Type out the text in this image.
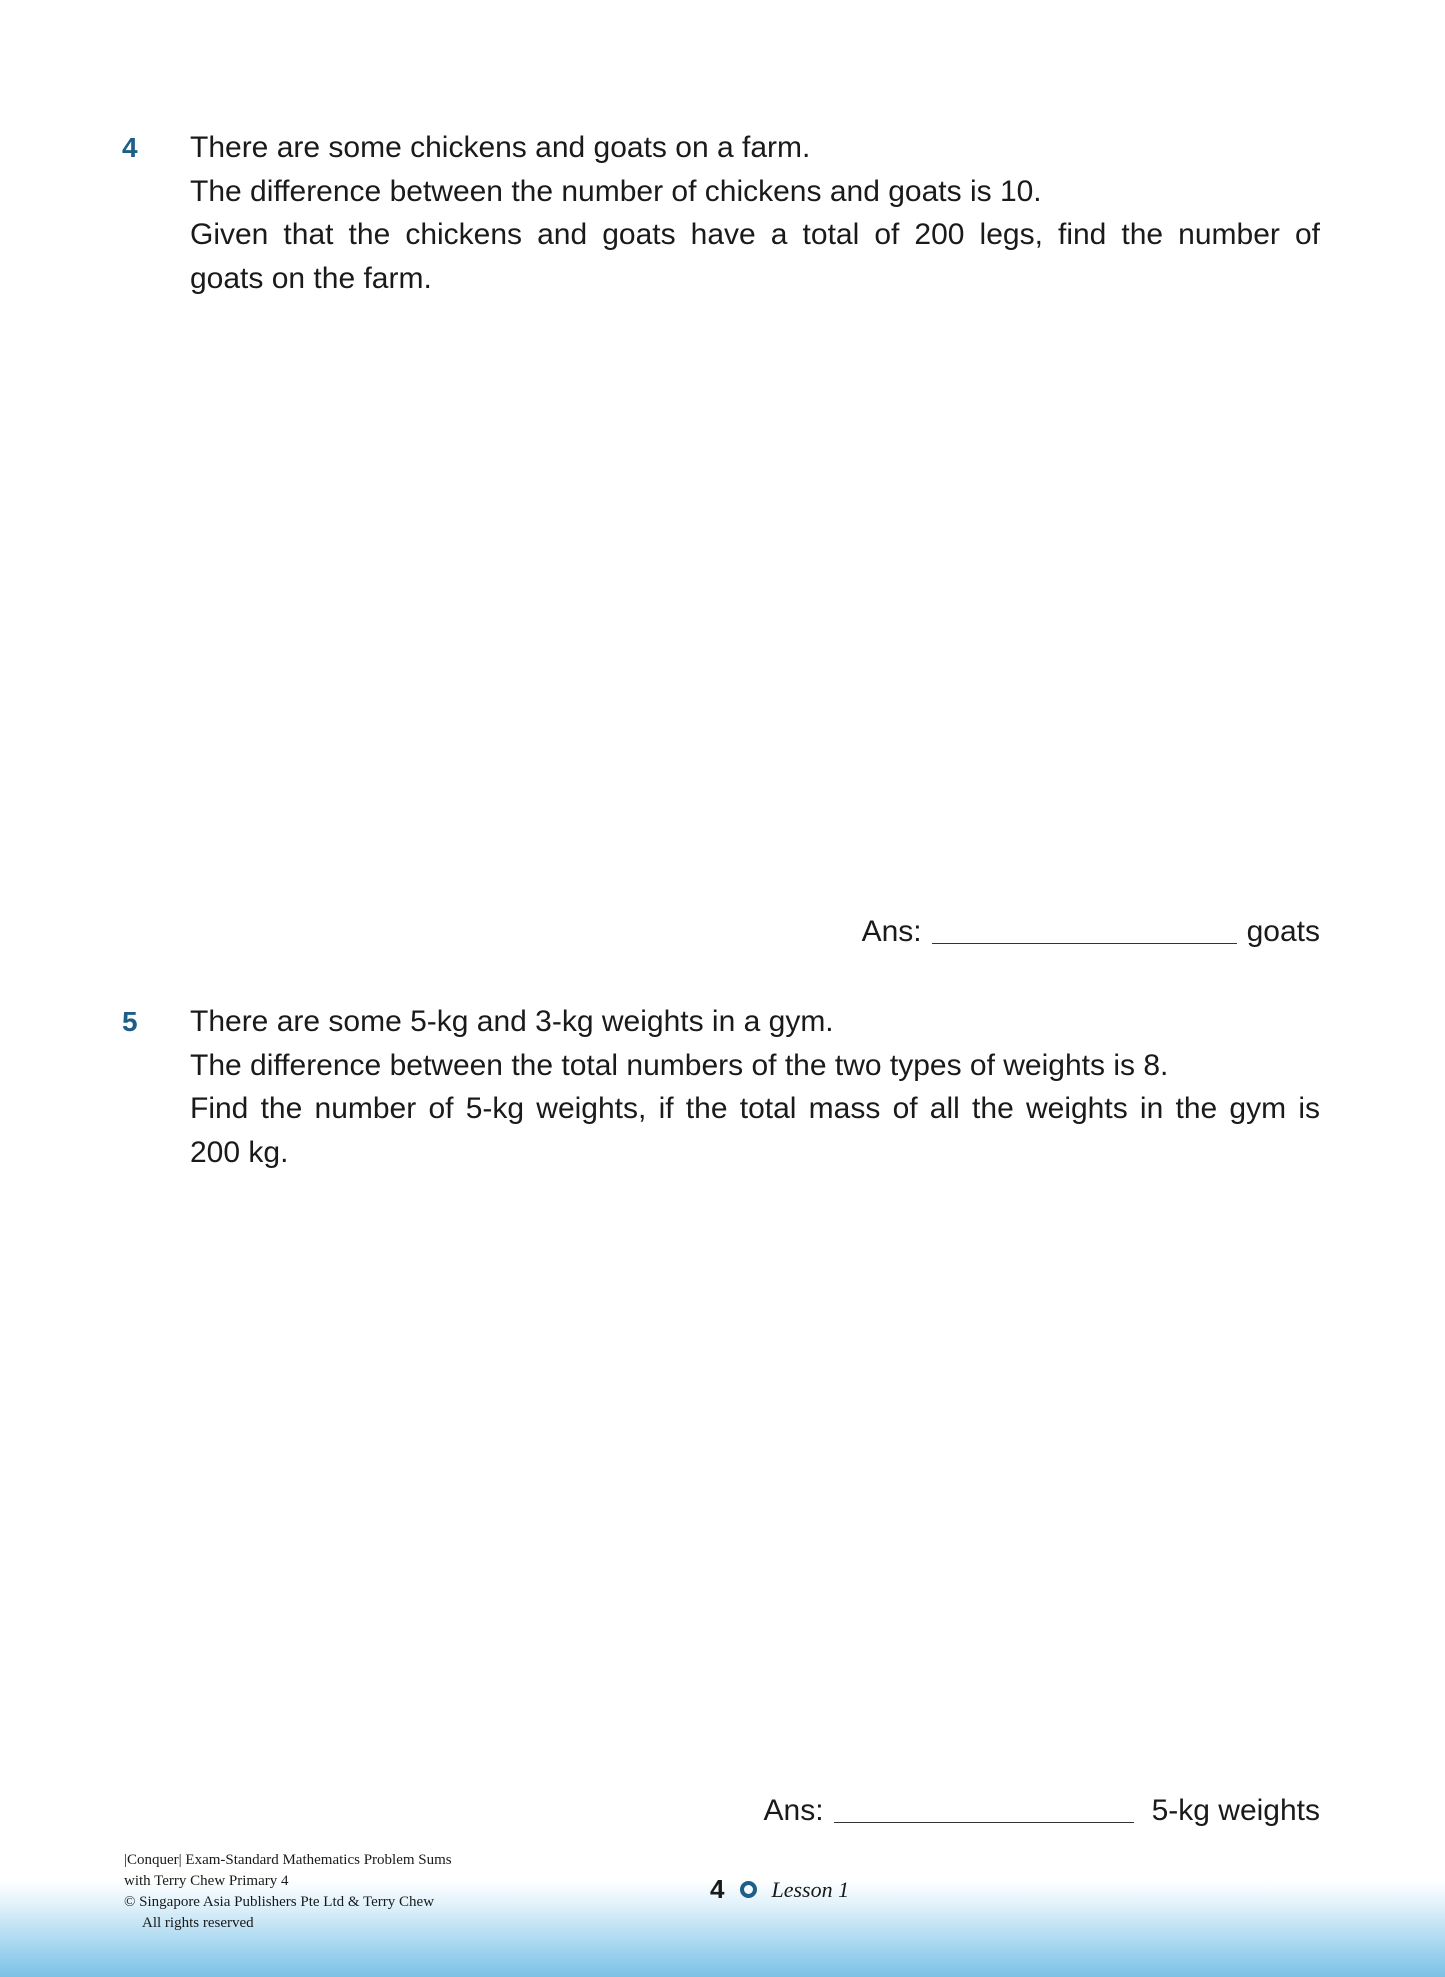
4 There are some chickens and goats on a farm.
The difference between the number of chickens and goats is 10.
Given that the chickens and goats have a total of 200 legs, find the number of
goats on the farm.
Ans:	goats
5 There are some 5-kg and 3-kg weights in a gym.
The difference between the total numbers of the two types of weights is 8.
Find the number of 5-kg weights, if the total mass of all the weights in the gym is
200 kg.
Ans:	5-kg weights
|Conquer| Exam-Standard Mathematics Problem Sums
with Terry Chew Primary 4
© Singapore Asia Publishers Pte Ltd & Terry Chew
All rights reserved
4 Lesson 1
